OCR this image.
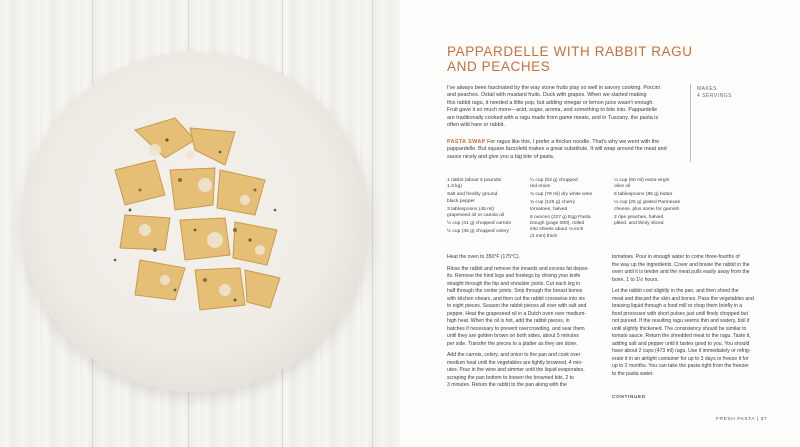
PAPPARDELLE WITH RABBIT RAGU
AND PEACHES
MAKES
4 SERVINGS
I've always been fascinated by the way stone fruits play so well in savory cooking. Porcini
and peaches. Oxtail with mustard fruits. Duck with grapes. When we started making
this rabbit ragu, it needed a little pop, but adding vinegar or lemon juice wasn't enough.
Fruit gave it so much more—acid, sugar, aroma, and something to bite into. Pappardelle
are traditionally cooked with a ragu made from game meats, and in Tuscany, the pasta is
often wild hare or rabbit.
PASTA SWAP For ragus like this, I prefer a thicker noodle. That's why we went with the
pappardelle. But square fazzoletti makes a great substitute. It will wrap around the meat and
sauce nicely and give you a big bite of pasta.
1 rabbit (about 3 pounds/
1.3 kg)
Salt and freshly ground
black pepper
3 tablespoons (45 ml)
grapeseed oil or canola oil
½ cup (41 g) chopped carrots
½ cup (36 g) chopped celery
½ cup (53 g) chopped
red onion
¾ cup (79 ml) dry white wine
¾ cup (125 g) cherry
tomatoes, halved
8 ounces (227 g) Egg Pasta
Dough (page 000), rolled
into sheets about ⅛-inch
(3 mm) thick
¼ cup (60 ml) extra-virgin
olive oil
6 tablespoons (85 g) butter
¼ cup (25 g) grated Parmesan
cheese, plus some for garnish
2 ripe peaches, halved,
pitted, and thinly sliced
Heat the oven to 350°F (175°C).
Rinse the rabbit and remove the innards and excess fat depos-
its. Remove the hind legs and forelegs by driving your knife
straight through the hip and shoulder joints. Cut each leg in
half through the center joints. Snip through the breast bones
with kitchen shears, and then cut the rabbit crosswise into six
to eight pieces. Season the rabbit pieces all over with salt and
pepper. Heat the grapeseed oil in a Dutch oven over medium-
high heat. When the oil is hot, add the rabbit pieces, in
batches if necessary to prevent overcrowding, and sear them
until they are golden brown on both sides, about 5 minutes
per side. Transfer the pieces to a platter as they are done.
Add the carrots, celery, and onion to the pan and cook over
medium heat until the vegetables are lightly browned, 4 min-
utes. Pour in the wine and simmer until the liquid evaporates,
scraping the pan bottom to loosen the browned bits, 2 to
3 minutes. Return the rabbit to the pan along with the
tomatoes. Pour in enough water to come three-fourths of
the way up the ingredients. Cover and braise the rabbit in the
oven until it is tender and the meat pulls easily away from the
bone, 1 to 1½ hours.
Let the rabbit cool slightly in the pan, and then shred the
meat and discard the skin and bones. Pass the vegetables and
braising liquid through a food mill or chop them briefly in a
food processor with short pulses just until finely chopped but
not pureed. If the resulting ragu seems thin and watery, boil it
until slightly thickened. The consistency should be similar to
tomato sauce. Return the shredded meat to the ragu. Taste it,
adding salt and pepper until it tastes good to you. You should
have about 2 cups (473 ml) ragu. Use it immediately or refrig-
erate it in an airtight container for up to 3 days or freeze it for
up to 2 months. You can take the pasta right from the freezer
to the pasta water.
CONTINUED
FRESH PASTA | 37
